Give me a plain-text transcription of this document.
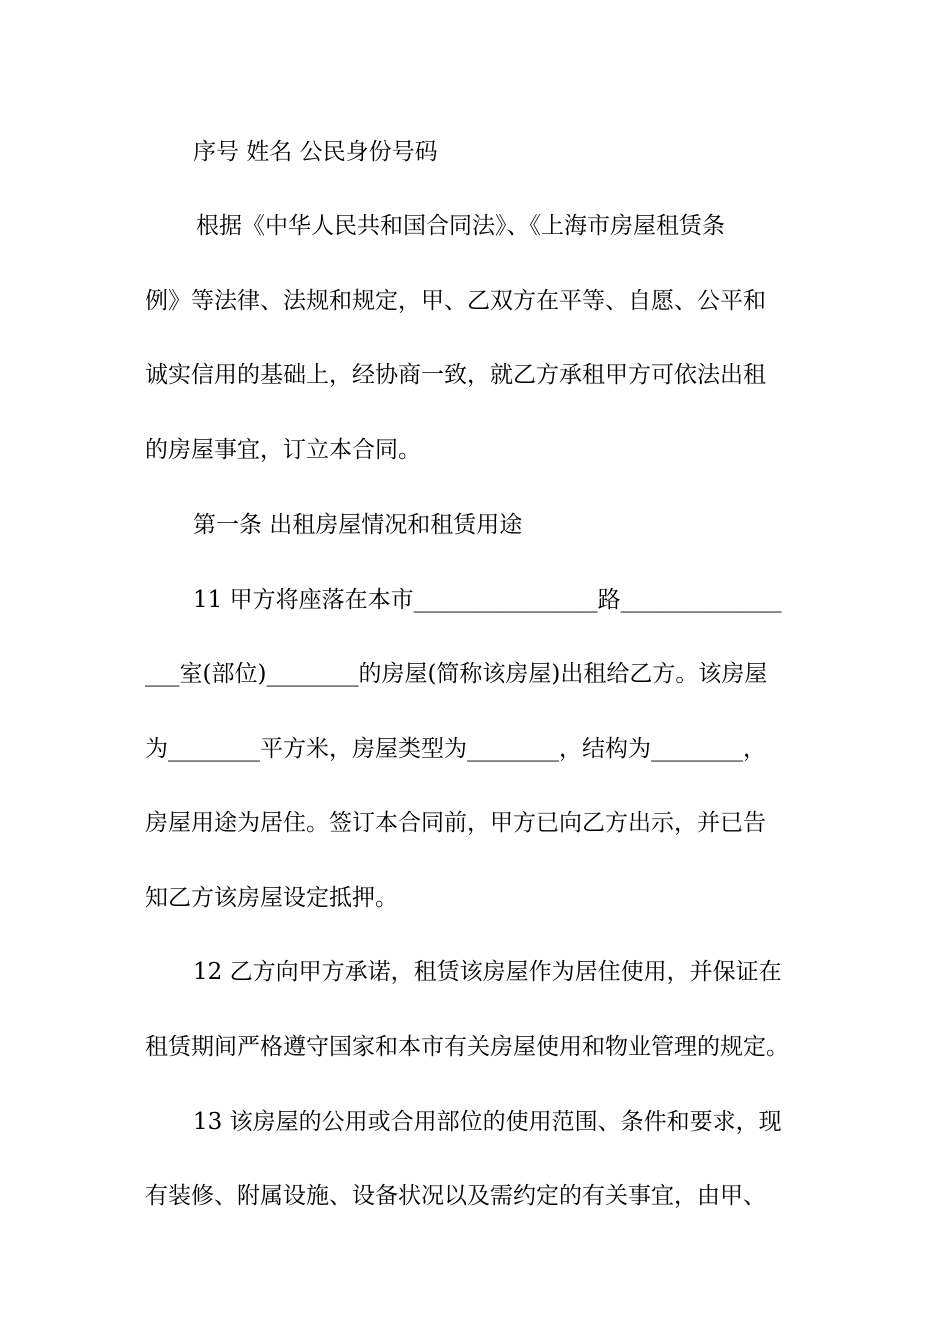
序号 姓名 公民身份号码

根据《中华人民共和国合同法》、《上海市房屋租赁条

例》等法律、法规和规定，甲、乙双方在平等、自愿、公平和

诚实信用的基础上，经协商一致，就乙方承租甲方可依法出租

的房屋事宜，订立本合同。

第一条 出租房屋情况和租赁用途

11 甲方将座落在本市________________路______________

___室(部位)________的房屋(简称该房屋)出租给乙方。该房屋

为________平方米，房屋类型为________，结构为________，

房屋用途为居住。签订本合同前，甲方已向乙方出示，并已告

知乙方该房屋设定抵押。

12 乙方向甲方承诺，租赁该房屋作为居住使用，并保证在

租赁期间严格遵守国家和本市有关房屋使用和物业管理的规定。

13 该房屋的公用或合用部位的使用范围、条件和要求，现

有装修、附属设施、设备状况以及需约定的有关事宜，由甲、
